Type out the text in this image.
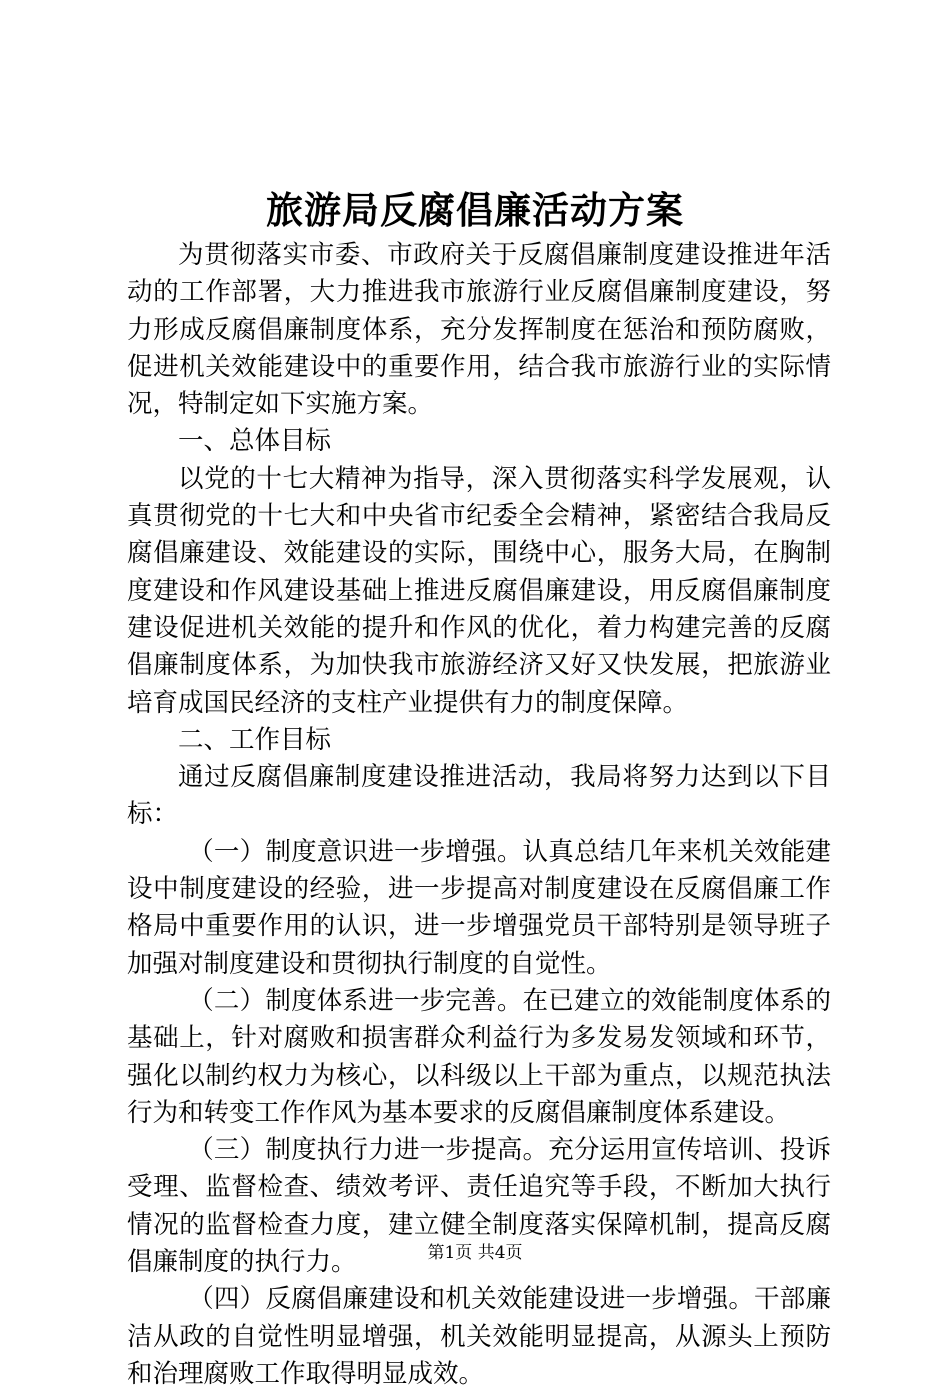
旅游局反腐倡廉活动方案

为贯彻落实市委、市政府关于反腐倡廉制度建设推进年活动的工作部署，大力推进我市旅游行业反腐倡廉制度建设，努力形成反腐倡廉制度体系，充分发挥制度在惩治和预防腐败，促进机关效能建设中的重要作用，结合我市旅游行业的实际情况，特制定如下实施方案。

一、总体目标

以党的十七大精神为指导，深入贯彻落实科学发展观，认真贯彻党的十七大和中央省市纪委全会精神，紧密结合我局反腐倡廉建设、效能建设的实际，围绕中心，服务大局，在胸制度建设和作风建设基础上推进反腐倡廉建设，用反腐倡廉制度建设促进机关效能的提升和作风的优化，着力构建完善的反腐倡廉制度体系，为加快我市旅游经济又好又快发展，把旅游业培育成国民经济的支柱产业提供有力的制度保障。

二、工作目标

通过反腐倡廉制度建设推进活动，我局将努力达到以下目标：

（一）制度意识进一步增强。认真总结几年来机关效能建设中制度建设的经验，进一步提高对制度建设在反腐倡廉工作格局中重要作用的认识，进一步增强党员干部特别是领导班子加强对制度建设和贯彻执行制度的自觉性。

（二）制度体系进一步完善。在已建立的效能制度体系的基础上，针对腐败和损害群众利益行为多发易发领域和环节，强化以制约权力为核心，以科级以上干部为重点，以规范执法行为和转变工作作风为基本要求的反腐倡廉制度体系建设。

（三）制度执行力进一步提高。充分运用宣传培训、投诉受理、监督检查、绩效考评、责任追究等手段，不断加大执行情况的监督检查力度，建立健全制度落实保障机制，提高反腐倡廉制度的执行力。

（四）反腐倡廉建设和机关效能建设进一步增强。干部廉洁从政的自觉性明显增强，机关效能明显提高，从源头上预防和治理腐败工作取得明显成效。

第1页 共4页
